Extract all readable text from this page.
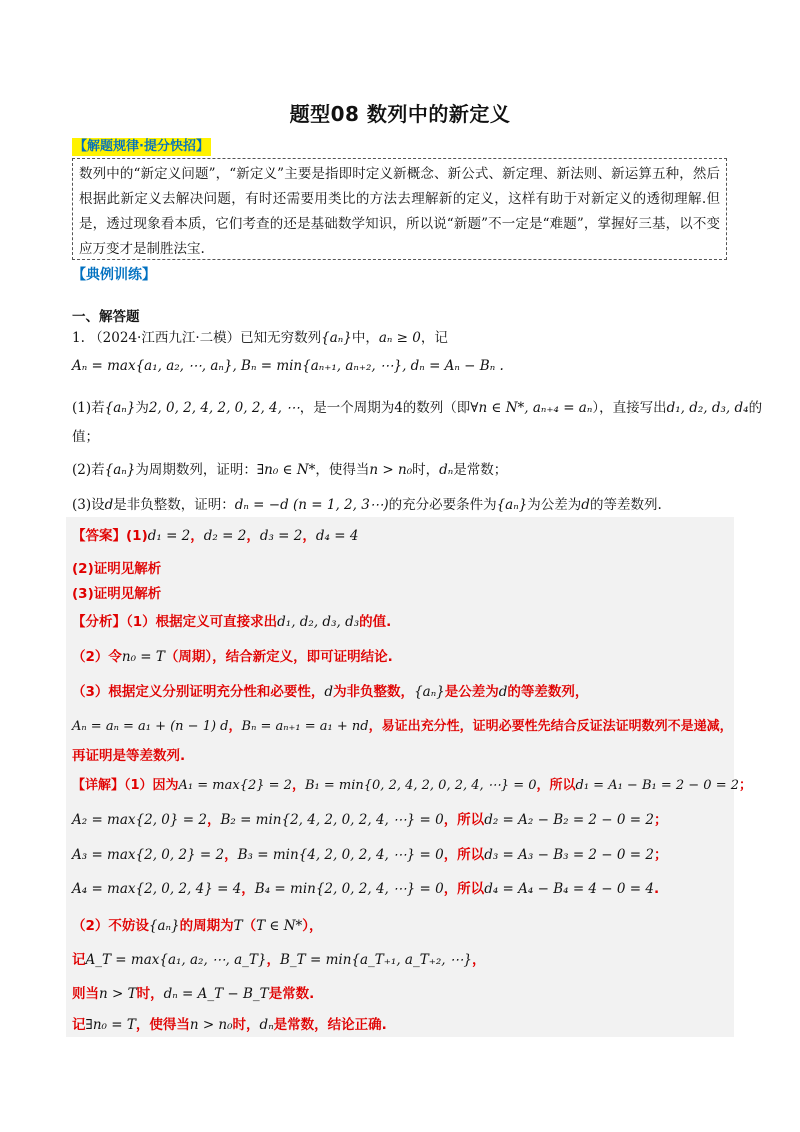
题型08 数列中的新定义
【解题规律·提分快招】
数列中的“新定义问题”，“新定义”主要是指即时定义新概念、新公式、新定理、新法则、新运算五种，然后根据此新定义去解决问题，有时还需要用类比的方法去理解新的定义，这样有助于对新定义的透彻理解.但是，透过现象看本质，它们考查的还是基础数学知识，所以说“新题”不一定是“难题”，掌握好三基，以不变应万变才是制胜法宝.
【典例训练】
一、解答题
1. （2024·江西九江·二模）已知无穷数列{aₙ}中，aₙ ≥ 0，记
Aₙ = max{a₁, a₂, ⋯, aₙ}, Bₙ = min{aₙ₊₁, aₙ₊₂, ⋯}, dₙ = Aₙ − Bₙ .
(1)若{aₙ}为2, 0, 2, 4, 2, 0, 2, 4, ⋯，是一个周期为4的数列（即∀n ∈ N*, aₙ₊₄ = aₙ），直接写出d₁, d₂, d₃, d₄的
值；
(2)若{aₙ}为周期数列，证明：∃n₀ ∈ N*，使得当n > n₀时，dₙ是常数；
(3)设d是非负整数，证明：dₙ = −d (n = 1, 2, 3⋯)的充分必要条件为{aₙ}为公差为d的等差数列.
【答案】(1)d₁ = 2，d₂ = 2，d₃ = 2，d₄ = 4
(2)证明见解析
(3)证明见解析
【分析】（1）根据定义可直接求出d₁, d₂, d₃, d₃的值.
（2）令n₀ = T（周期），结合新定义，即可证明结论.
（3）根据定义分别证明充分性和必要性，d为非负整数，{aₙ}是公差为d的等差数列，
Aₙ = aₙ = a₁ + (n − 1) d，Bₙ = aₙ₊₁ = a₁ + nd，易证出充分性，证明必要性先结合反证法证明数列不是递减，
再证明是等差数列.
【详解】（1）因为A₁ = max{2} = 2，B₁ = min{0, 2, 4, 2, 0, 2, 4, ⋯} = 0，所以d₁ = A₁ − B₁ = 2 − 0 = 2；
A₂ = max{2, 0} = 2，B₂ = min{2, 4, 2, 0, 2, 4, ⋯} = 0，所以d₂ = A₂ − B₂ = 2 − 0 = 2；
A₃ = max{2, 0, 2} = 2，B₃ = min{4, 2, 0, 2, 4, ⋯} = 0，所以d₃ = A₃ − B₃ = 2 − 0 = 2；
A₄ = max{2, 0, 2, 4} = 4，B₄ = min{2, 0, 2, 4, ⋯} = 0，所以d₄ = A₄ − B₄ = 4 − 0 = 4.
（2）不妨设{aₙ}的周期为T（T ∈ N*），
记A_T = max{a₁, a₂, ⋯, a_T}，B_T = min{a_T₊₁, a_T₊₂, ⋯}，
则当n > T时，dₙ = A_T − B_T是常数.
记∃n₀ = T，使得当n > n₀时，dₙ是常数，结论正确.
